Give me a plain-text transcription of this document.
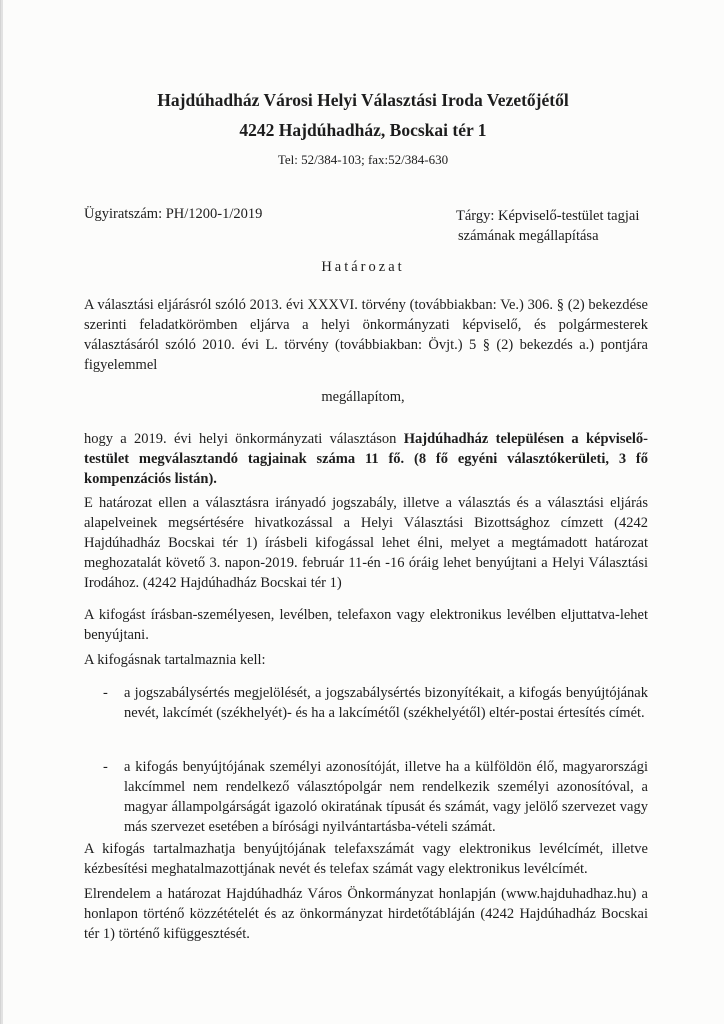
Hajdúhadház Városi Helyi Választási Iroda Vezetőjétől
4242 Hajdúhadház, Bocskai tér 1
Tel: 52/384-103; fax:52/384-630
Ügyiratszám: PH/1200-1/2019	Tárgy: Képviselő-testület tagjai
számának megállapítása
Határozat
A választási eljárásról szóló 2013. évi XXXVI. törvény (továbbiakban: Ve.) 306. § (2) bekezdése szerinti feladatkörömben eljárva a helyi önkormányzati képviselő, és polgármesterek választásáról szóló 2010. évi L. törvény (továbbiakban: Övjt.) 5 § (2) bekezdés a.) pontjára figyelemmel
megállapítom,
hogy a 2019. évi helyi önkormányzati választáson Hajdúhadház településen a képviselő-testület megválasztandó tagjainak száma 11 fő. (8 fő egyéni választókerületi, 3 fő kompenzációs listán).
E határozat ellen a választásra irányadó jogszabály, illetve a választás és a választási eljárás alapelveinek megsértésére hivatkozással a Helyi Választási Bizottsághoz címzett (4242 Hajdúhadház Bocskai tér 1) írásbeli kifogással lehet élni, melyet a megtámadott határozat meghozatalát követő 3. napon-2019. február 11-én -16 óráig lehet benyújtani a Helyi Választási Irodához. (4242 Hajdúhadház Bocskai tér 1)
A kifogást írásban-személyesen, levélben, telefaxon vagy elektronikus levélben eljuttatva-lehet benyújtani.
A kifogásnak tartalmaznia kell:
-	a jogszabálysértés megjelölését, a jogszabálysértés bizonyítékait, a kifogás benyújtójának nevét, lakcímét (székhelyét)- és ha a lakcímétől (székhelyétől) eltér-postai értesítés címét.
-	a kifogás benyújtójának személyi azonosítóját, illetve ha a külföldön élő, magyarországi lakcímmel nem rendelkező választópolgár nem rendelkezik személyi azonosítóval, a magyar állampolgárságát igazoló okiratának típusát és számát, vagy jelölő szervezet vagy más szervezet esetében a bírósági nyilvántartásba-vételi számát.
A kifogás tartalmazhatja benyújtójának telefaxszámát vagy elektronikus levélcímét, illetve kézbesítési meghatalmazottjának nevét és telefax számát vagy elektronikus levélcímét.
Elrendelem a határozat Hajdúhadház Város Önkormányzat honlapján (www.hajduhadhaz.hu) a honlapon történő közzétételét és az önkormányzat hirdetőtábláján (4242 Hajdúhadház Bocskai tér 1) történő kifüggesztését.
